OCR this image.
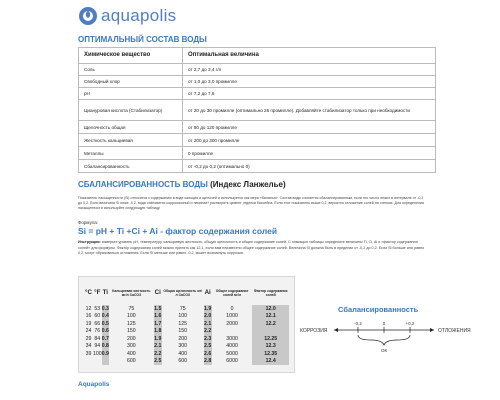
aquapolis
ОПТИМАЛЬНЫЙ СОСТАВ ВОДЫ
Химическое вещество	Оптимальная величина
Соль	от 2,7 до 3,4 г/л
Свободный хлор	от 1,0 до 3,0 промилле
pH	от 7,2 до 7,6
Циануровая кислота (Стабилизатор)	от 20 до 30 промилле (оптимально 25 промилле). Добавляйте стабилизатор только при необходимости
Щелочность общая	от 80 до 120 промилле
Жесткость кальциевая	от 200 до 300 промилле
Металлы	0 промилле
Сбалансированность	от -0,2 до 0,2 (оптимально 0)
СБАЛАНСИРОВАННОСТЬ ВОДЫ (Индекс Ланжелье)
Показатель насыщенности (Si) относится к содержанию в воде кальция и щелочей и используется как мера «баланса». Состав воды считается сбалансированным, если это число лежит в интервале от -0,2 до 0,2. Если величина Si ниже -0,2, вода становится коррозионной и начинает растворять цемент отделки бассейна. Если этот показатель выше 0,2, вероятно отложение солей на стенках. Для определения насыщенности используйте следующую таблицу.
Формула:
Si = pH + Ti +Ci + Ai - фактор содержания солей
Инструкция: измерьте уровень pH, температуру, кальциевую жесткость, общую щелочность и общее содержание солей. С помощью таблицы определите величины Ti, Ci, Ai и «фактор содержания солей» для формулы. Фактор содержания солей можно принять как 12,1, если вам неизвестно общее содержание солей. Величина Si должна быть в пределах от -0,2 до 0,2. Если Si больше или равно 0,2, могут образоваться отложения. Если Si меньше или равно -0,2, может возникнуть коррозия.
°C	°F	Ti	Кальциевая жесткость мг/л CaCO3	Ci	Общая щелочность мг/л CaCO3	Ai	Общее содержание солей мг/л	Фактор содержания солей
12	53	0.3	75	1.5	75	1.9	0	12.0
16	60	0.4	100	1.6	100	2.0	1000	12.1
19	66	0.5	125	1.7	125	2.1	2000	12.2
24	76	0.6	150	1.8	150	2.2		
29	84	0.7	200	1.9	200	2.3	3000	12.25
34	94	0.8	300	2.1	300	2.5	4000	12.3
39	100	0.9	400	2.2	400	2.6	5000	12.35
			600	2.5	600	2.8	6000	12.4
Сбалансированность
КОРРОЗИЯ	ОТЛОЖЕНИЯ
-0,2	0	+0,2
ОК
Aquapolis
